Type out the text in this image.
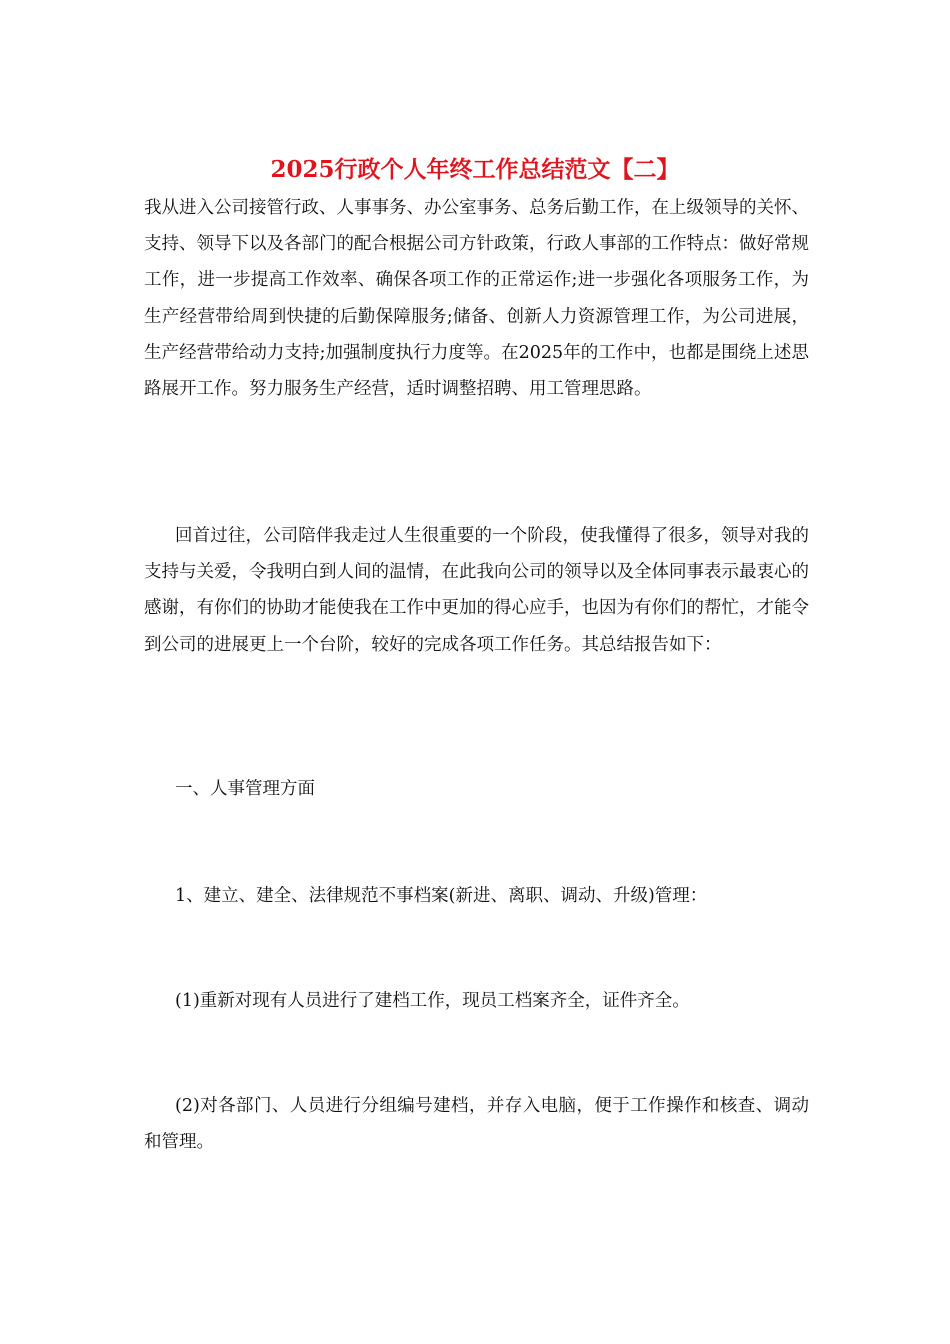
2025行政个人年终工作总结范文【二】

我从进入公司接管行政、人事事务、办公室事务、总务后勤工作，在上级领导的关怀、支持、领导下以及各部门的配合根据公司方针政策，行政人事部的工作特点：做好常规工作，进一步提高工作效率、确保各项工作的正常运作;进一步强化各项服务工作，为生产经营带给周到快捷的后勤保障服务;储备、创新人力资源管理工作，为公司进展，生产经营带给动力支持;加强制度执行力度等。在2025年的工作中，也都是围绕上述思路展开工作。努力服务生产经营，适时调整招聘、用工管理思路。

回首过往，公司陪伴我走过人生很重要的一个阶段，使我懂得了很多，领导对我的支持与关爱，令我明白到人间的温情，在此我向公司的领导以及全体同事表示最衷心的感谢，有你们的协助才能使我在工作中更加的得心应手，也因为有你们的帮忙，才能令到公司的进展更上一个台阶，较好的完成各项工作任务。其总结报告如下：

一、人事管理方面

1、建立、建全、法律规范不事档案(新进、离职、调动、升级)管理：

(1)重新对现有人员进行了建档工作，现员工档案齐全，证件齐全。

(2)对各部门、人员进行分组编号建档，并存入电脑，便于工作操作和核查、调动和管理。
